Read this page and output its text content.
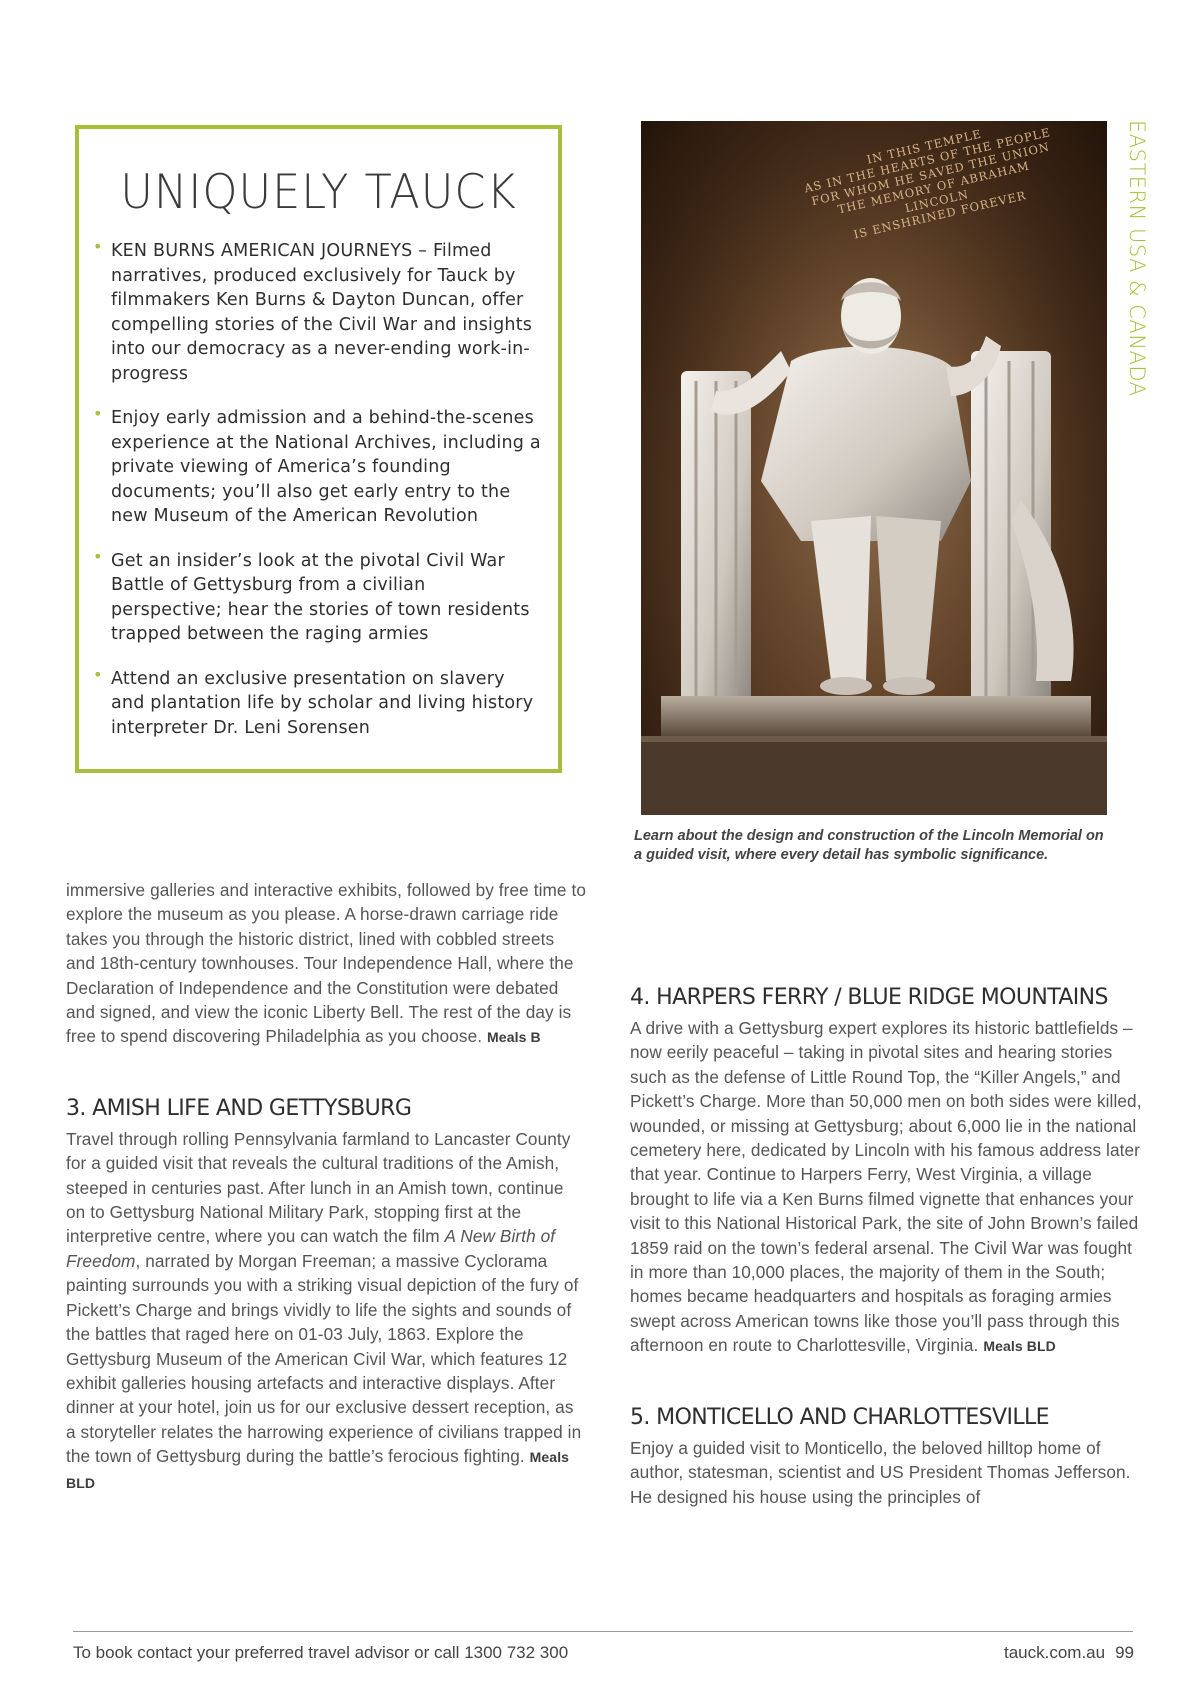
EASTERN USA & CANADA
UNIQUELY TAUCK
• KEN BURNS AMERICAN JOURNEYS – Filmed narratives, produced exclusively for Tauck by filmmakers Ken Burns & Dayton Duncan, offer compelling stories of the Civil War and insights into our democracy as a never-ending work-in-progress
• Enjoy early admission and a behind-the-scenes experience at the National Archives, including a private viewing of America’s founding documents; you’ll also get early entry to the new Museum of the American Revolution
• Get an insider’s look at the pivotal Civil War Battle of Gettysburg from a civilian perspective; hear the stories of town residents trapped between the raging armies
• Attend an exclusive presentation on slavery and plantation life by scholar and living history interpreter Dr. Leni Sorensen
IN THIS TEMPLE
AS IN THE HEARTS OF THE PEOPLE
FOR WHOM HE SAVED THE UNION
THE MEMORY OF ABRAHAM LINCOLN
IS ENSHRINED FOREVER
Learn about the design and construction of the Lincoln Memorial on a guided visit, where every detail has symbolic significance.

immersive galleries and interactive exhibits, followed by free time to explore the museum as you please. A horse-drawn carriage ride takes you through the historic district, lined with cobbled streets and 18th-century townhouses. Tour Independence Hall, where the Declaration of Independence and the Constitution were debated and signed, and view the iconic Liberty Bell. The rest of the day is free to spend discovering Philadelphia as you choose. Meals B

3. AMISH LIFE AND GETTYSBURG

Travel through rolling Pennsylvania farmland to Lancaster County for a guided visit that reveals the cultural traditions of the Amish, steeped in centuries past. After lunch in an Amish town, continue on to Gettysburg National Military Park, stopping first at the interpretive centre, where you can watch the film A New Birth of Freedom, narrated by Morgan Freeman; a massive Cyclorama painting surrounds you with a striking visual depiction of the fury of Pickett’s Charge and brings vividly to life the sights and sounds of the battles that raged here on 01-03 July, 1863. Explore the Gettysburg Museum of the American Civil War, which features 12 exhibit galleries housing artefacts and interactive displays. After dinner at your hotel, join us for our exclusive dessert reception, as a storyteller relates the harrowing experience of civilians trapped in the town of Gettysburg during the battle’s ferocious fighting. Meals BLD

4. HARPERS FERRY / BLUE RIDGE MOUNTAINS

A drive with a Gettysburg expert explores its historic battlefields – now eerily peaceful – taking in pivotal sites and hearing stories such as the defense of Little Round Top, the “Killer Angels,” and Pickett’s Charge. More than 50,000 men on both sides were killed, wounded, or missing at Gettysburg; about 6,000 lie in the national cemetery here, dedicated by Lincoln with his famous address later that year. Continue to Harpers Ferry, West Virginia, a village brought to life via a Ken Burns filmed vignette that enhances your visit to this National Historical Park, the site of John Brown’s failed 1859 raid on the town’s federal arsenal. The Civil War was fought in more than 10,000 places, the majority of them in the South; homes became headquarters and hospitals as foraging armies swept across American towns like those you’ll pass through this afternoon en route to Charlottesville, Virginia. Meals BLD

5. MONTICELLO AND CHARLOTTESVILLE

Enjoy a guided visit to Monticello, the beloved hilltop home of author, statesman, scientist and US President Thomas Jefferson. He designed his house using the principles of

To book contact your preferred travel advisor or call 1300 732 300	tauck.com.au 99
